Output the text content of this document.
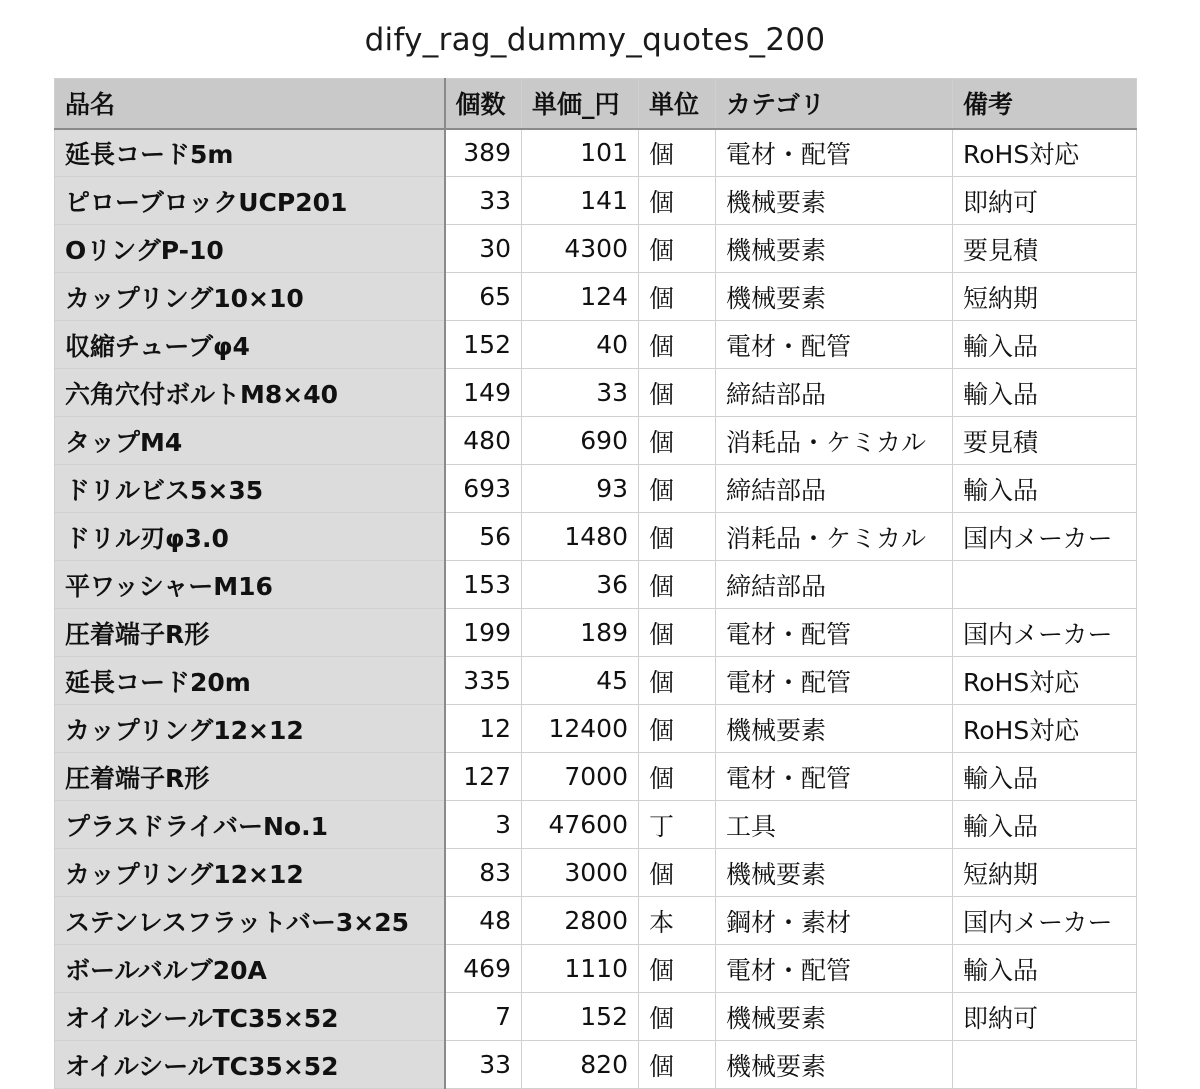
dify_rag_dummy_quotes_200
品名	個数	単価_円	単位	カテゴリ	備考
延長コード5m	389	101	個	電材・配管	RoHS対応
ピローブロックUCP201	33	141	個	機械要素	即納可
OリングP-10	30	4300	個	機械要素	要見積
カップリング10×10	65	124	個	機械要素	短納期
収縮チューブφ4	152	40	個	電材・配管	輸入品
六角穴付ボルトM8×40	149	33	個	締結部品	輸入品
タップM4	480	690	個	消耗品・ケミカル	要見積
ドリルビス5×35	693	93	個	締結部品	輸入品
ドリル刃φ3.0	56	1480	個	消耗品・ケミカル	国内メーカー
平ワッシャーM16	153	36	個	締結部品	
圧着端子R形	199	189	個	電材・配管	国内メーカー
延長コード20m	335	45	個	電材・配管	RoHS対応
カップリング12×12	12	12400	個	機械要素	RoHS対応
圧着端子R形	127	7000	個	電材・配管	輸入品
プラスドライバーNo.1	3	47600	丁	工具	輸入品
カップリング12×12	83	3000	個	機械要素	短納期
ステンレスフラットバー3×25	48	2800	本	鋼材・素材	国内メーカー
ボールバルブ20A	469	1110	個	電材・配管	輸入品
オイルシールTC35×52	7	152	個	機械要素	即納可
オイルシールTC35×52	33	820	個	機械要素	
